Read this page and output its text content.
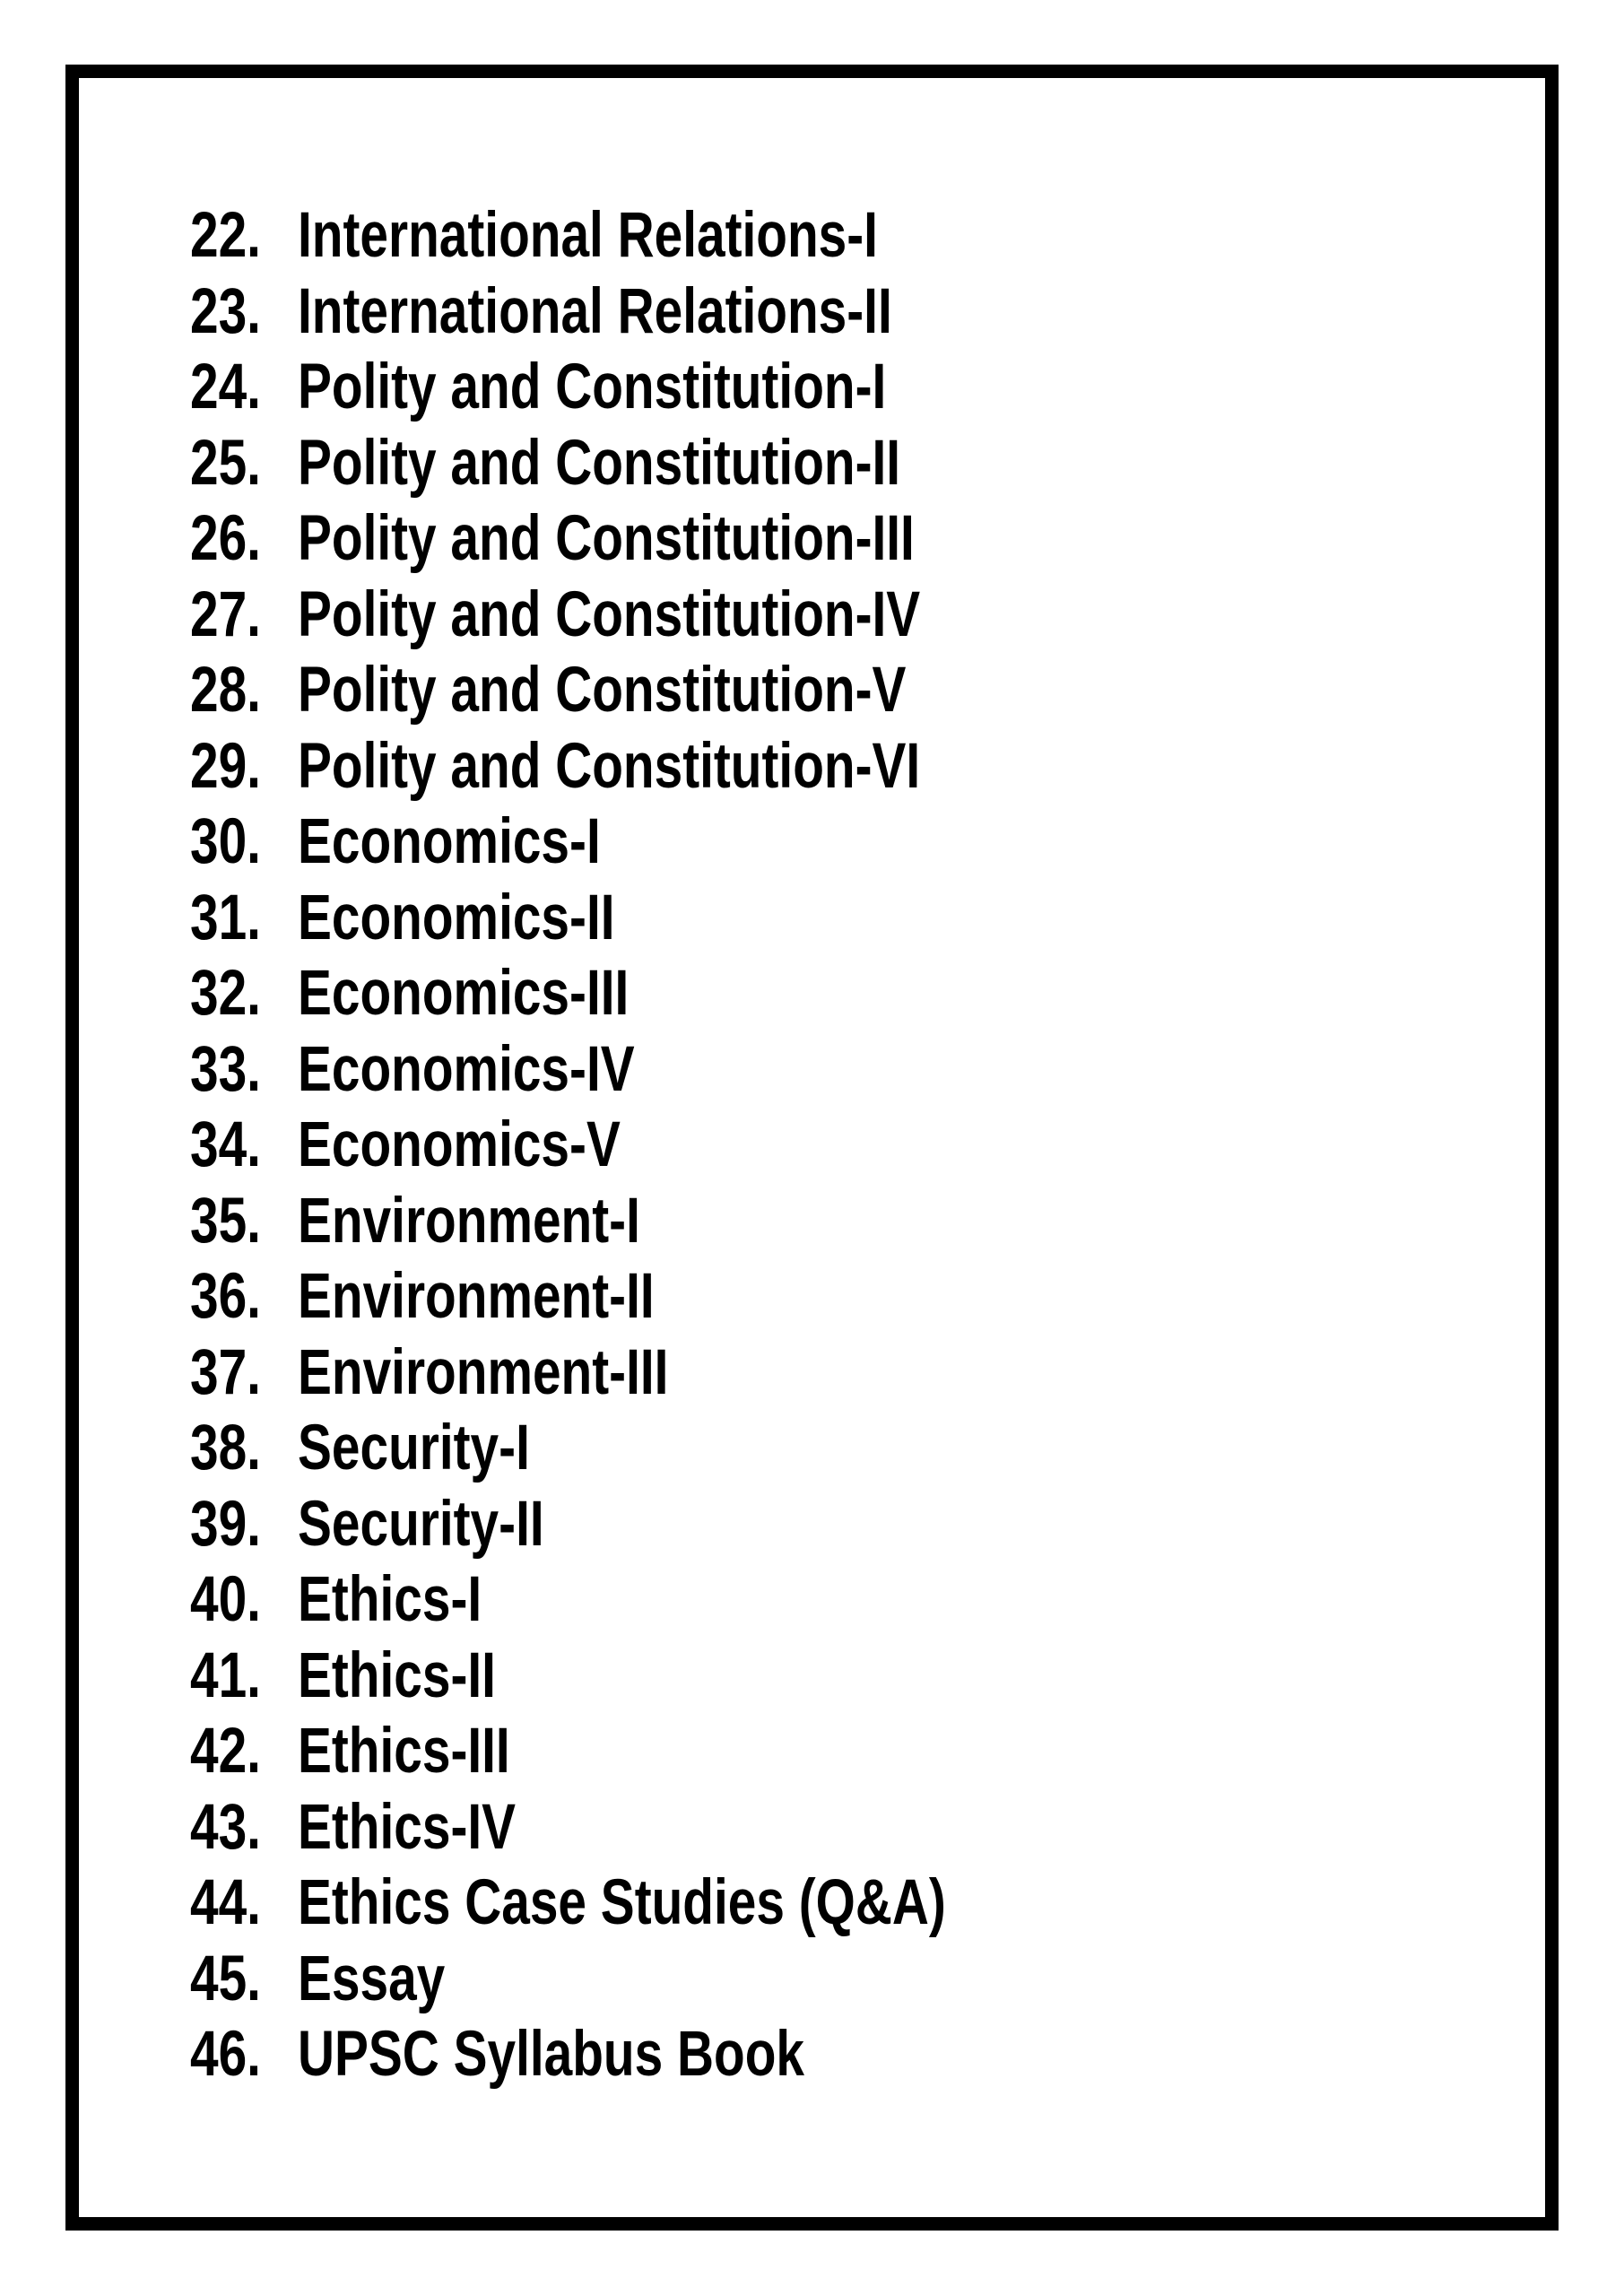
22. International Relations-I
23. International Relations-II
24. Polity and Constitution-I
25. Polity and Constitution-II
26. Polity and Constitution-III
27. Polity and Constitution-IV
28. Polity and Constitution-V
29. Polity and Constitution-VI
30. Economics-I
31. Economics-II
32. Economics-III
33. Economics-IV
34. Economics-V
35. Environment-I
36. Environment-II
37. Environment-III
38. Security-I
39. Security-II
40. Ethics-I
41. Ethics-II
42. Ethics-III
43. Ethics-IV
44. Ethics Case Studies (Q&A)
45. Essay
46. UPSC Syllabus Book
